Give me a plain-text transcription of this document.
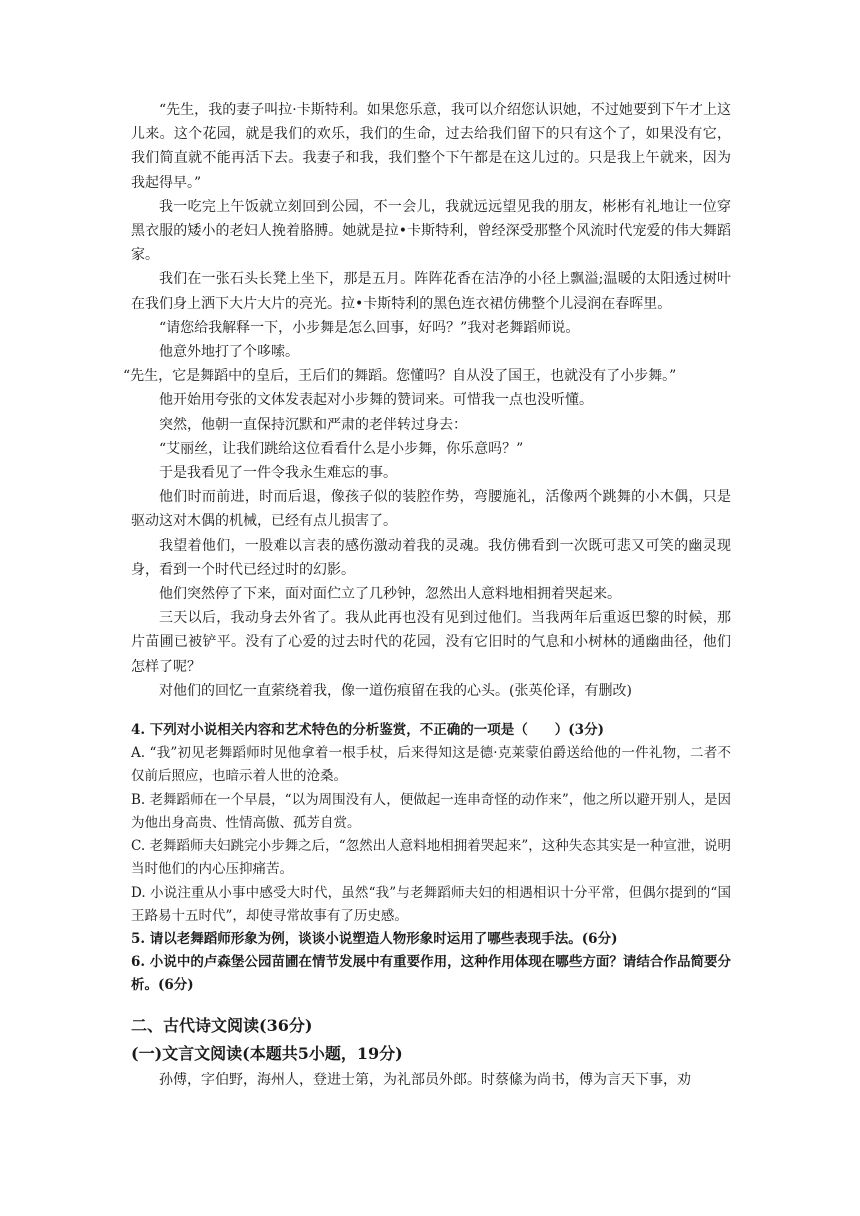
“先生，我的妻子叫拉·卡斯特利。如果您乐意，我可以介绍您认识她，不过她要到下午才上这儿来。这个花园，就是我们的欢乐，我们的生命，过去给我们留下的只有这个了，如果没有它，我们简直就不能再活下去。我妻子和我，我们整个下午都是在这儿过的。只是我上午就来，因为我起得早。”

我一吃完上午饭就立刻回到公园，不一会儿，我就远远望见我的朋友，彬彬有礼地让一位穿黑衣服的矮小的老妇人挽着胳膊。她就是拉•卡斯特利，曾经深受那整个风流时代宠爱的伟大舞蹈家。

我们在一张石头长凳上坐下，那是五月。阵阵花香在洁净的小径上飘溢;温暖的太阳透过树叶在我们身上洒下大片大片的亮光。拉•卡斯特利的黑色连衣裙仿佛整个儿浸润在春晖里。

“请您给我解释一下，小步舞是怎么回事，好吗？”我对老舞蹈师说。

他意外地打了个哆嗦。

“先生，它是舞蹈中的皇后，王后们的舞蹈。您懂吗？自从没了国王，也就没有了小步舞。”

他开始用夸张的文体发表起对小步舞的赞词来。可惜我一点也没听懂。

突然，他朝一直保持沉默和严肃的老伴转过身去：

“艾丽丝，让我们跳给这位看看什么是小步舞，你乐意吗？”

于是我看见了一件令我永生难忘的事。

他们时而前进，时而后退，像孩子似的装腔作势，弯腰施礼，活像两个跳舞的小木偶，只是驱动这对木偶的机械，已经有点儿损害了。

我望着他们，一股难以言表的感伤激动着我的灵魂。我仿佛看到一次既可悲又可笑的幽灵现身，看到一个时代已经过时的幻影。

他们突然停了下来，面对面伫立了几秒钟，忽然出人意料地相拥着哭起来。

三天以后，我动身去外省了。我从此再也没有见到过他们。当我两年后重返巴黎的时候，那片苗圃已被铲平。没有了心爱的过去时代的花园，没有它旧时的气息和小树林的通幽曲径，他们怎样了呢？

对他们的回忆一直萦绕着我，像一道伤痕留在我的心头。(张英伦译，有删改)

4. 下列对小说相关内容和艺术特色的分析鉴赏，不正确的一项是（　　）(3分)

A. “我”初见老舞蹈师时见他拿着一根手杖，后来得知这是德·克莱蒙伯爵送给他的一件礼物，二者不仅前后照应，也暗示着人世的沧桑。

B. 老舞蹈师在一个早晨，“以为周围没有人，便做起一连串奇怪的动作来”，他之所以避开别人，是因为他出身高贵、性情高傲、孤芳自赏。

C. 老舞蹈师夫妇跳完小步舞之后，“忽然出人意料地相拥着哭起来”，这种失态其实是一种宣泄，说明当时他们的内心压抑痛苦。

D. 小说注重从小事中感受大时代，虽然“我”与老舞蹈师夫妇的相遇相识十分平常，但偶尔提到的“国王路易十五时代”，却使寻常故事有了历史感。

5. 请以老舞蹈师形象为例，谈谈小说塑造人物形象时运用了哪些表现手法。(6分)

6. 小说中的卢森堡公园苗圃在情节发展中有重要作用，这种作用体现在哪些方面？请结合作品简要分析。(6分)

二、古代诗文阅读(36分)

(一)文言文阅读(本题共5小题，19分)

孙傅，字伯野，海州人，登进士第，为礼部员外郎。时蔡絛为尚书，傅为言天下事，劝
